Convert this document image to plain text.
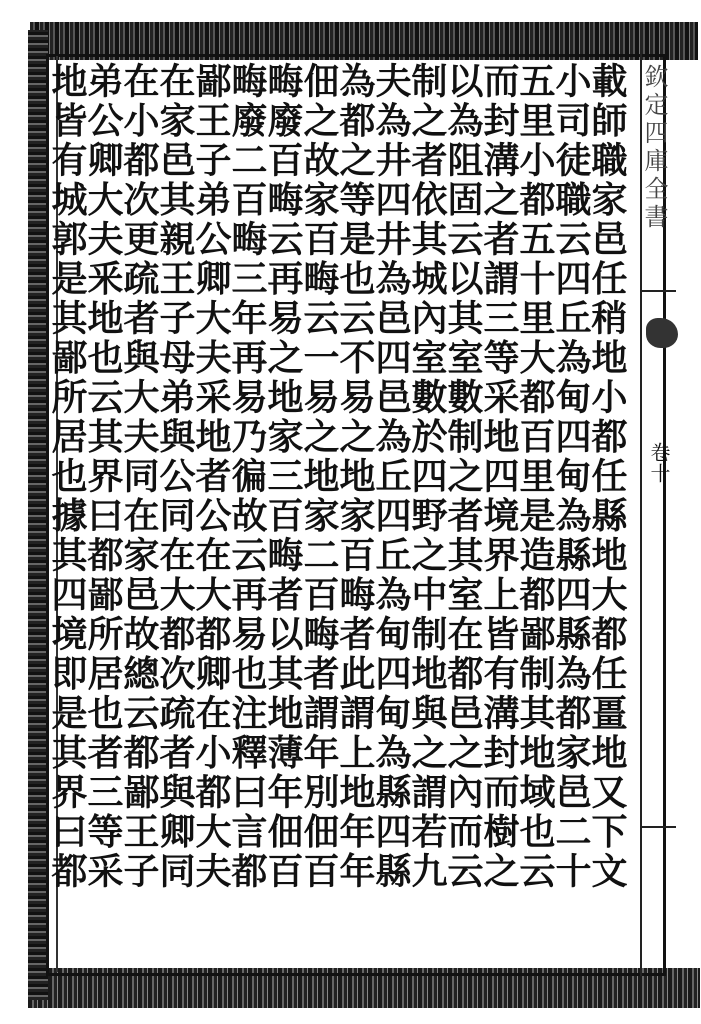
欽定四庫全書
卷十
載師職家邑任稍地小都任縣地大都任畺地又下文
小司徒職云四丘為甸四甸為縣四縣為都家邑二十
五里小都五十里大都百里是造都鄙制其地域也云
而封溝之者謂三等采地四境界上皆有溝封而樹之
以為阻固云以其室數制之者其室在都邑之內而云
制之者依其城內室數於四野之中制地與之謂若九
夫為井四井為邑四邑為丘四丘為甸四甸為縣四縣
為都之等是也云不易之地家百畮者此謂上地年年
佃之故家百畮云一易之地家二百畮者謂年別佃百
畮廢百畮云再易之地家三百畮者以其地薄年佃百
畮廢二百畮三年再易乃徧故云再易也注釋曰言都
鄙王子弟公卿大夫采地者公在大都卿在小都大夫
在家邑其親王子母弟與公同在大都次疏者與卿同
在小都次更疏者與大夫同在家邑故總云都鄙王子
弟公卿大夫釆地也云其界曰都鄙所居也者三等采
地皆有城郭是其鄙所居也據其四境即是其界曰都
